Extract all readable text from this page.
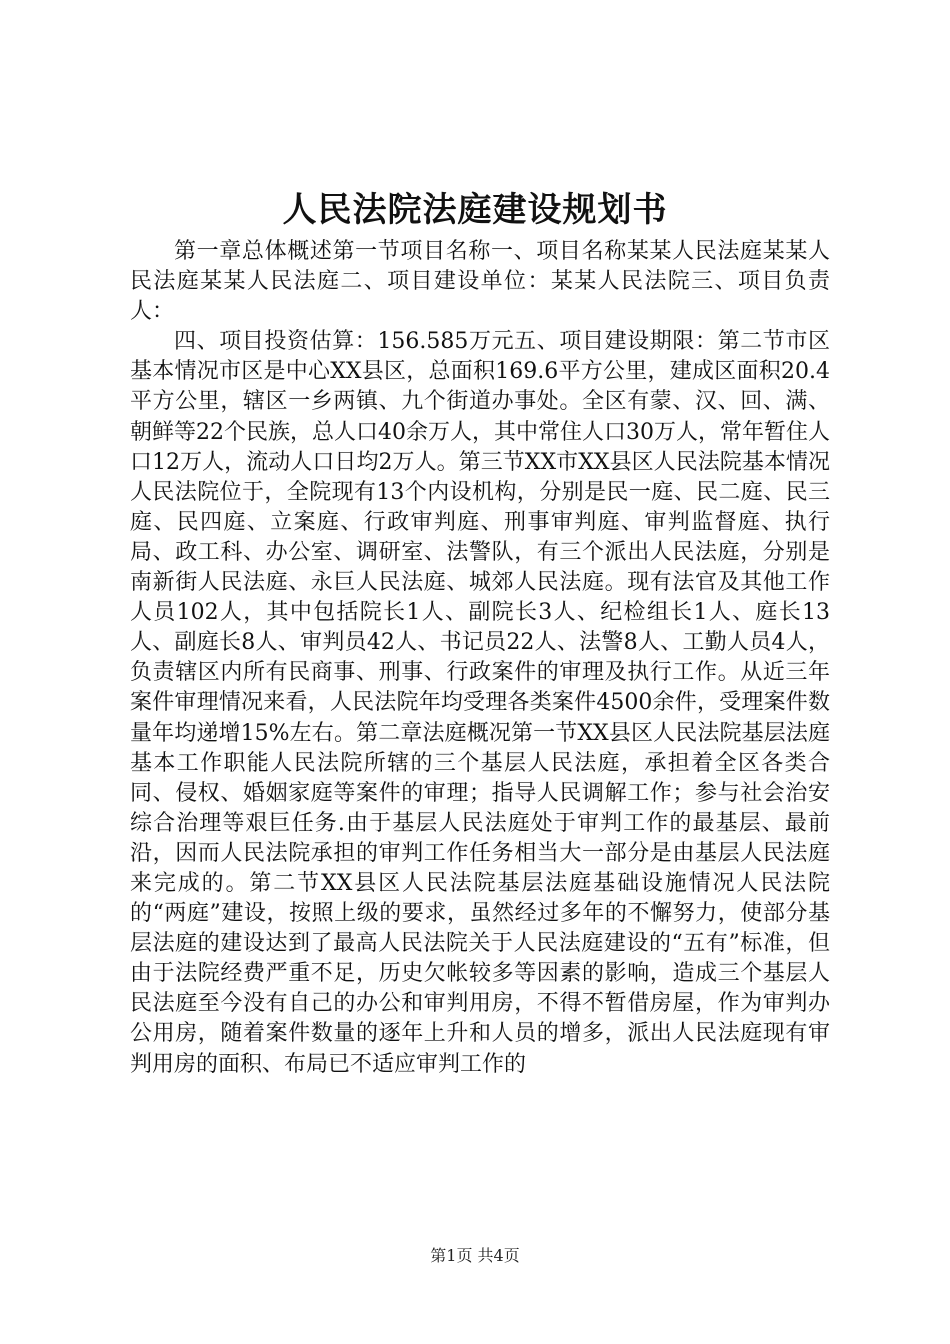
人民法院法庭建设规划书

第一章总体概述第一节项目名称一、项目名称某某人民法庭某某人民法庭某某人民法庭二、项目建设单位：某某人民法院三、项目负责人：

四、项目投资估算：156.585万元五、项目建设期限：第二节市区基本情况市区是中心XX县区，总面积169.6平方公里，建成区面积20.4平方公里，辖区一乡两镇、九个街道办事处。全区有蒙、汉、回、满、朝鲜等22个民族，总人口40余万人，其中常住人口30万人，常年暂住人口12万人，流动人口日均2万人。第三节XX市XX县区人民法院基本情况人民法院位于，全院现有13个内设机构，分别是民一庭、民二庭、民三庭、民四庭、立案庭、行政审判庭、刑事审判庭、审判监督庭、执行局、政工科、办公室、调研室、法警队，有三个派出人民法庭，分别是南新街人民法庭、永巨人民法庭、城郊人民法庭。现有法官及其他工作人员102人，其中包括院长1人、副院长3人、纪检组长1人、庭长13人、副庭长8人、审判员42人、书记员22人、法警8人、工勤人员4人，负责辖区内所有民商事、刑事、行政案件的审理及执行工作。从近三年案件审理情况来看，人民法院年均受理各类案件4500余件，受理案件数量年均递增15%左右。第二章法庭概况第一节XX县区人民法院基层法庭基本工作职能人民法院所辖的三个基层人民法庭，承担着全区各类合同、侵权、婚姻家庭等案件的审理；指导人民调解工作；参与社会治安综合治理等艰巨任务.由于基层人民法庭处于审判工作的最基层、最前沿，因而人民法院承担的审判工作任务相当大一部分是由基层人民法庭来完成的。第二节XX县区人民法院基层法庭基础设施情况人民法院的“两庭”建设，按照上级的要求，虽然经过多年的不懈努力，使部分基层法庭的建设达到了最高人民法院关于人民法庭建设的“五有”标准，但由于法院经费严重不足，历史欠帐较多等因素的影响，造成三个基层人民法庭至今没有自己的办公和审判用房，不得不暂借房屋，作为审判办公用房，随着案件数量的逐年上升和人员的增多，派出人民法庭现有审判用房的面积、布局已不适应审判工作的

第1页 共4页
